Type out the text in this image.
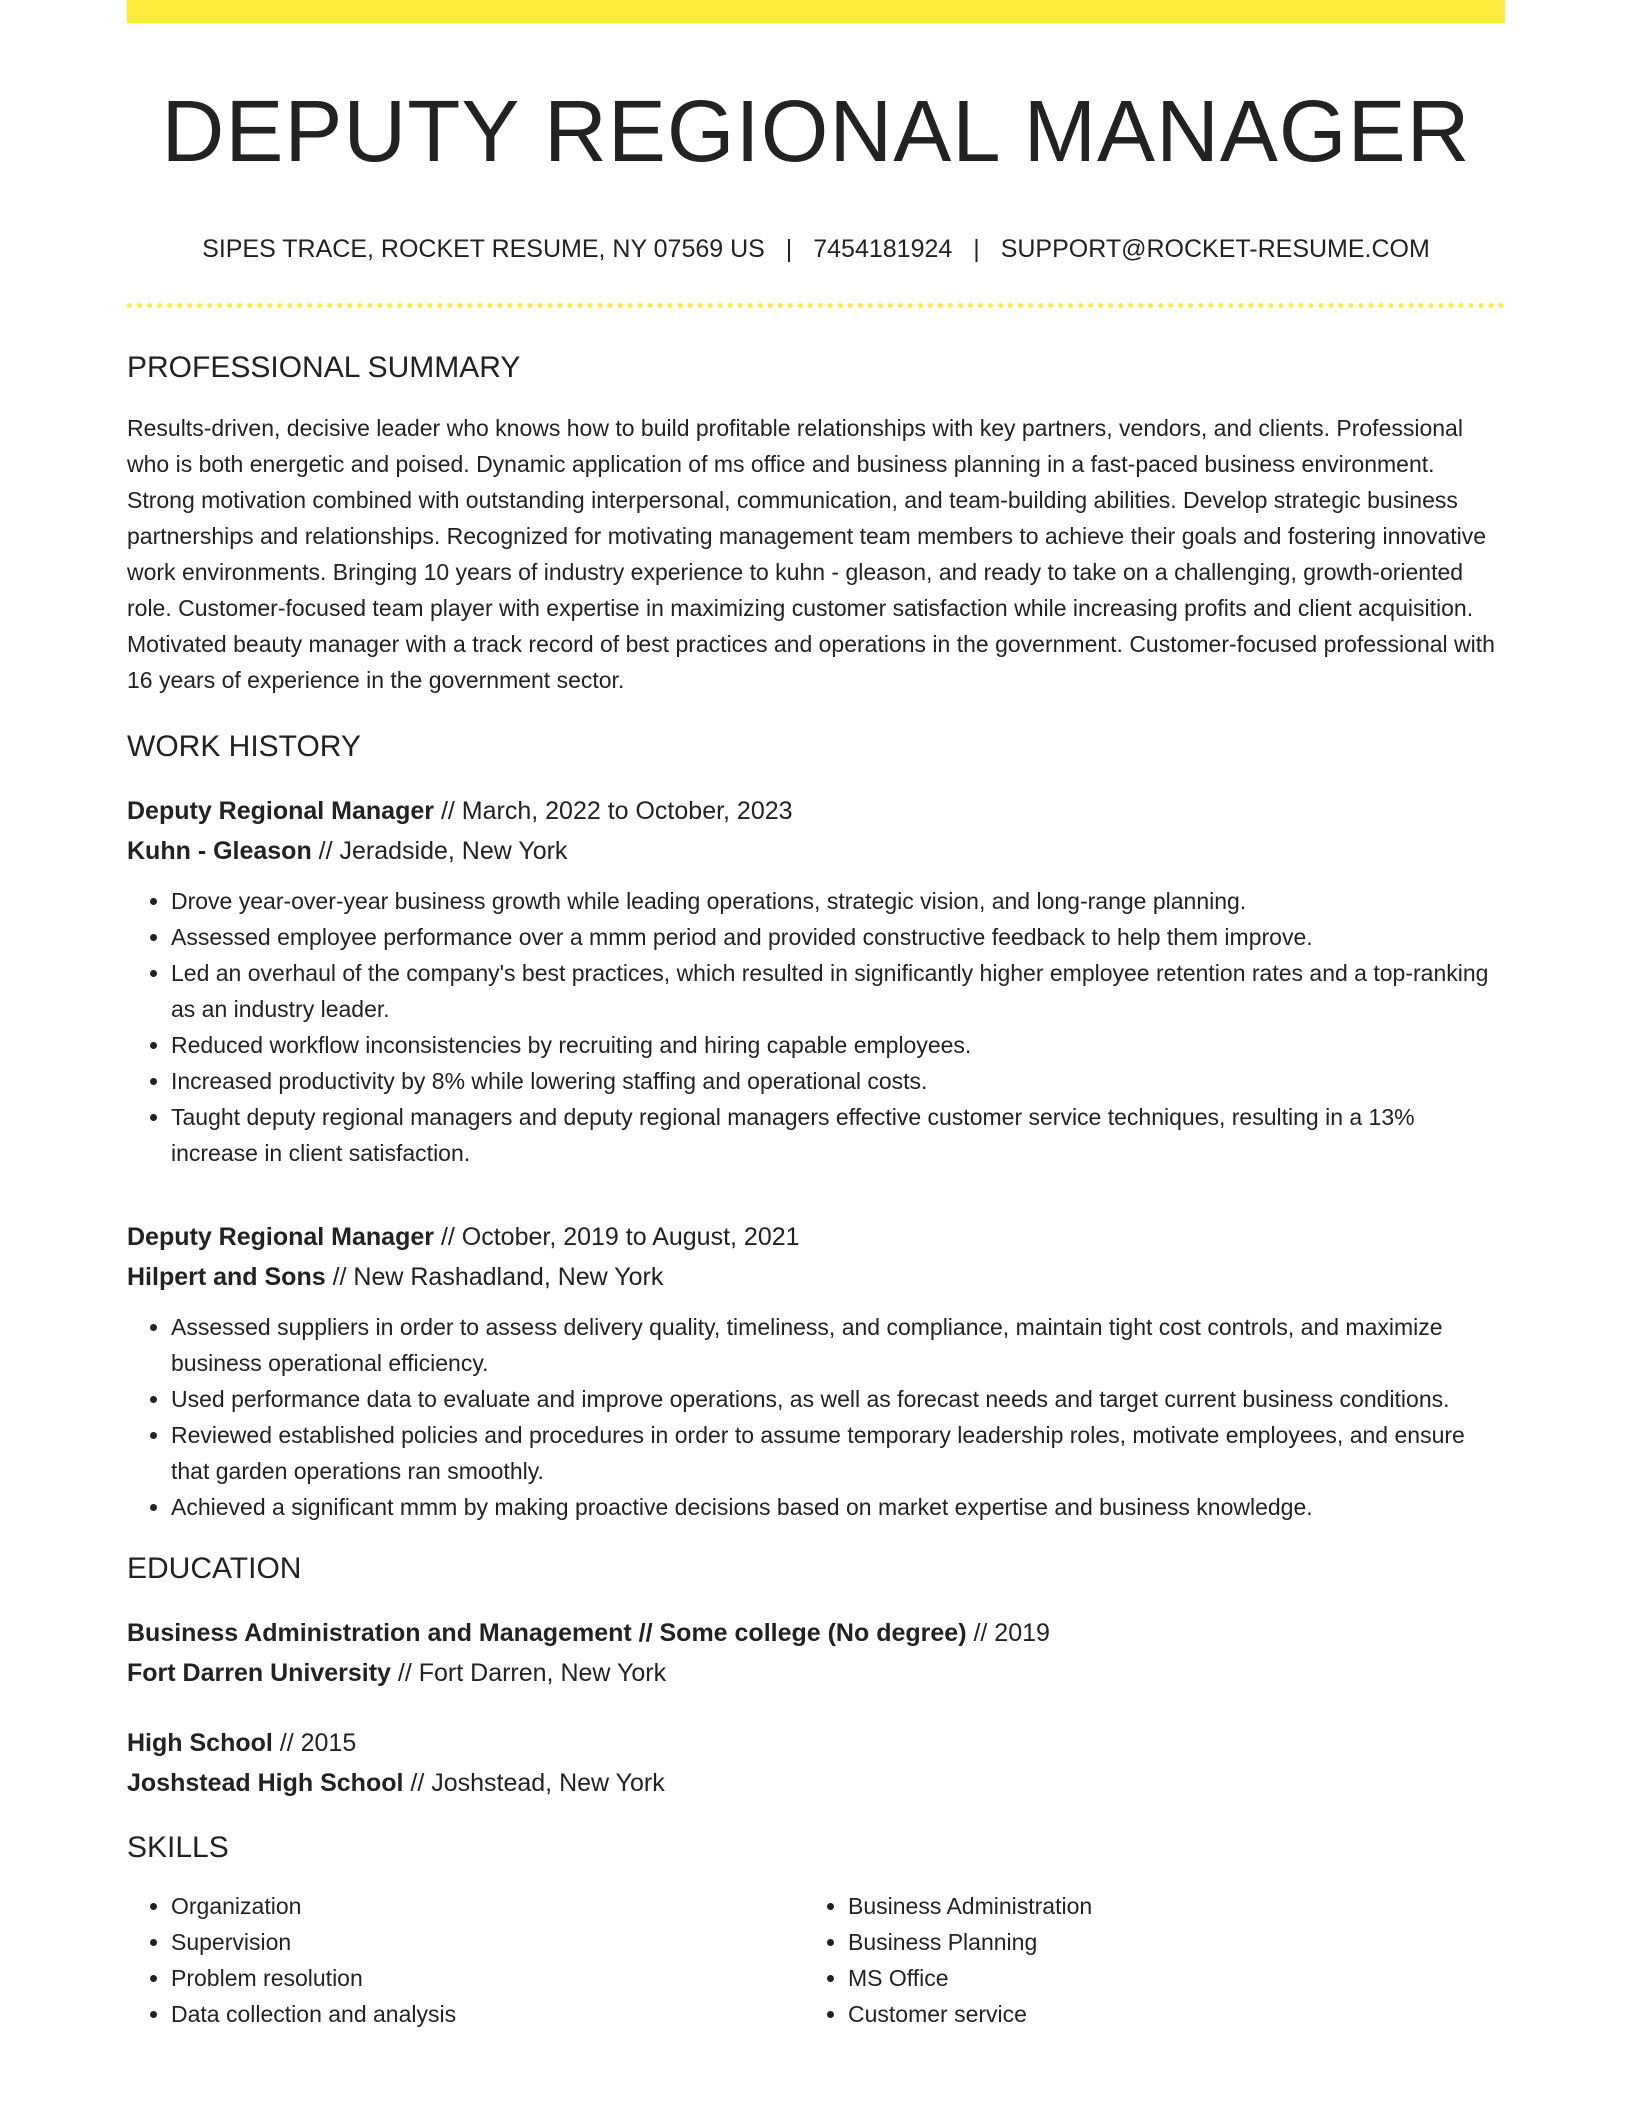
DEPUTY REGIONAL MANAGER
SIPES TRACE, ROCKET RESUME, NY 07569 US | 7454181924 | SUPPORT@ROCKET-RESUME.COM
PROFESSIONAL SUMMARY
Results-driven, decisive leader who knows how to build profitable relationships with key partners, vendors, and clients. Professional who is both energetic and poised. Dynamic application of ms office and business planning in a fast-paced business environment. Strong motivation combined with outstanding interpersonal, communication, and team-building abilities. Develop strategic business partnerships and relationships. Recognized for motivating management team members to achieve their goals and fostering innovative work environments. Bringing 10 years of industry experience to kuhn - gleason, and ready to take on a challenging, growth-oriented role. Customer-focused team player with expertise in maximizing customer satisfaction while increasing profits and client acquisition. Motivated beauty manager with a track record of best practices and operations in the government. Customer-focused professional with 16 years of experience in the government sector.
WORK HISTORY
Deputy Regional Manager // March, 2022 to October, 2023
Kuhn - Gleason // Jeradside, New York
• Drove year-over-year business growth while leading operations, strategic vision, and long-range planning.
• Assessed employee performance over a mmm period and provided constructive feedback to help them improve.
• Led an overhaul of the company's best practices, which resulted in significantly higher employee retention rates and a top-ranking as an industry leader.
• Reduced workflow inconsistencies by recruiting and hiring capable employees.
• Increased productivity by 8% while lowering staffing and operational costs.
• Taught deputy regional managers and deputy regional managers effective customer service techniques, resulting in a 13% increase in client satisfaction.
Deputy Regional Manager // October, 2019 to August, 2021
Hilpert and Sons // New Rashadland, New York
• Assessed suppliers in order to assess delivery quality, timeliness, and compliance, maintain tight cost controls, and maximize business operational efficiency.
• Used performance data to evaluate and improve operations, as well as forecast needs and target current business conditions.
• Reviewed established policies and procedures in order to assume temporary leadership roles, motivate employees, and ensure that garden operations ran smoothly.
• Achieved a significant mmm by making proactive decisions based on market expertise and business knowledge.
EDUCATION
Business Administration and Management // Some college (No degree) // 2019
Fort Darren University // Fort Darren, New York
High School // 2015
Joshstead High School // Joshstead, New York
SKILLS
• Organization
• Supervision
• Problem resolution
• Data collection and analysis
• Business Administration
• Business Planning
• MS Office
• Customer service
